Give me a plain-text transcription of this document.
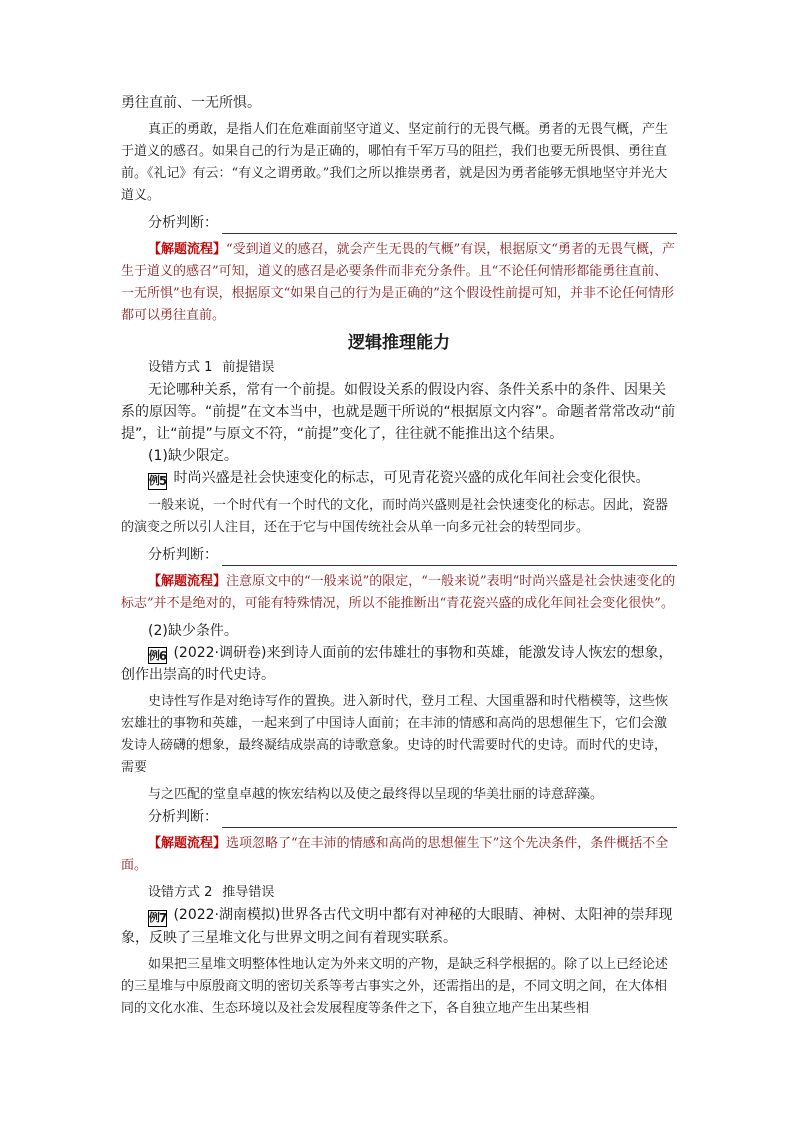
勇往直前、一无所惧。

真正的勇敢，是指人们在危难面前坚守道义、坚定前行的无畏气概。勇者的无畏气概，产生于道义的感召。如果自己的行为是正确的，哪怕有千军万马的阻拦，我们也要无所畏惧、勇往直前。《礼记》有云：“有义之谓勇敢。”我们之所以推崇勇者，就是因为勇者能够无惧地坚守并光大道义。

分析判断：

【解题流程】“受到道义的感召，就会产生无畏的气概”有误，根据原文“勇者的无畏气概，产生于道义的感召”可知，道义的感召是必要条件而非充分条件。且“不论任何情形都能勇往直前、一无所惧”也有误，根据原文“如果自己的行为是正确的”这个假设性前提可知，并非不论任何情形都可以勇往直前。

逻辑推理能力

设错方式 1 前提错误

无论哪种关系，常有一个前提。如假设关系的假设内容、条件关系中的条件、因果关系的原因等。“前提”在文本当中，也就是题干所说的“根据原文内容”。命题者常常改动“前提”，让“前提”与原文不符，“前提”变化了，往往就不能推出这个结果。

(1)缺少限定。

例 5 时尚兴盛是社会快速变化的标志，可见青花瓷兴盛的成化年间社会变化很快。

一般来说，一个时代有一个时代的文化，而时尚兴盛则是社会快速变化的标志。因此，瓷器的演变之所以引人注目，还在于它与中国传统社会从单一向多元社会的转型同步。

分析判断：

【解题流程】注意原文中的“一般来说”的限定，“一般来说”表明“时尚兴盛是社会快速变化的标志”并不是绝对的，可能有特殊情况，所以不能推断出“青花瓷兴盛的成化年间社会变化很快”。

(2)缺少条件。

例 6 (2022·调研卷)来到诗人面前的宏伟雄壮的事物和英雄，能激发诗人恢宏的想象，创作出崇高的时代史诗。

史诗性写作是对绝诗写作的置换。进入新时代，登月工程、大国重器和时代楷模等，这些恢宏雄壮的事物和英雄，一起来到了中国诗人面前；在丰沛的情感和高尚的思想催生下，它们会激发诗人磅礴的想象，最终凝结成崇高的诗歌意象。史诗的时代需要时代的史诗。而时代的史诗，需要

与之匹配的堂皇卓越的恢宏结构以及使之最终得以呈现的华美壮丽的诗意辞藻。

分析判断：

【解题流程】选项忽略了“在丰沛的情感和高尚的思想催生下”这个先决条件，条件概括不全面。

设错方式 2 推导错误

例 7 (2022·湖南模拟)世界各古代文明中都有对神秘的大眼睛、神树、太阳神的崇拜现象，反映了三星堆文化与世界文明之间有着现实联系。

如果把三星堆文明整体性地认定为外来文明的产物，是缺乏科学根据的。除了以上已经论述的三星堆与中原殷商文明的密切关系等考古事实之外，还需指出的是，不同文明之间，在大体相同的文化水准、生态环境以及社会发展程度等条件之下，各自独立地产生出某些相
